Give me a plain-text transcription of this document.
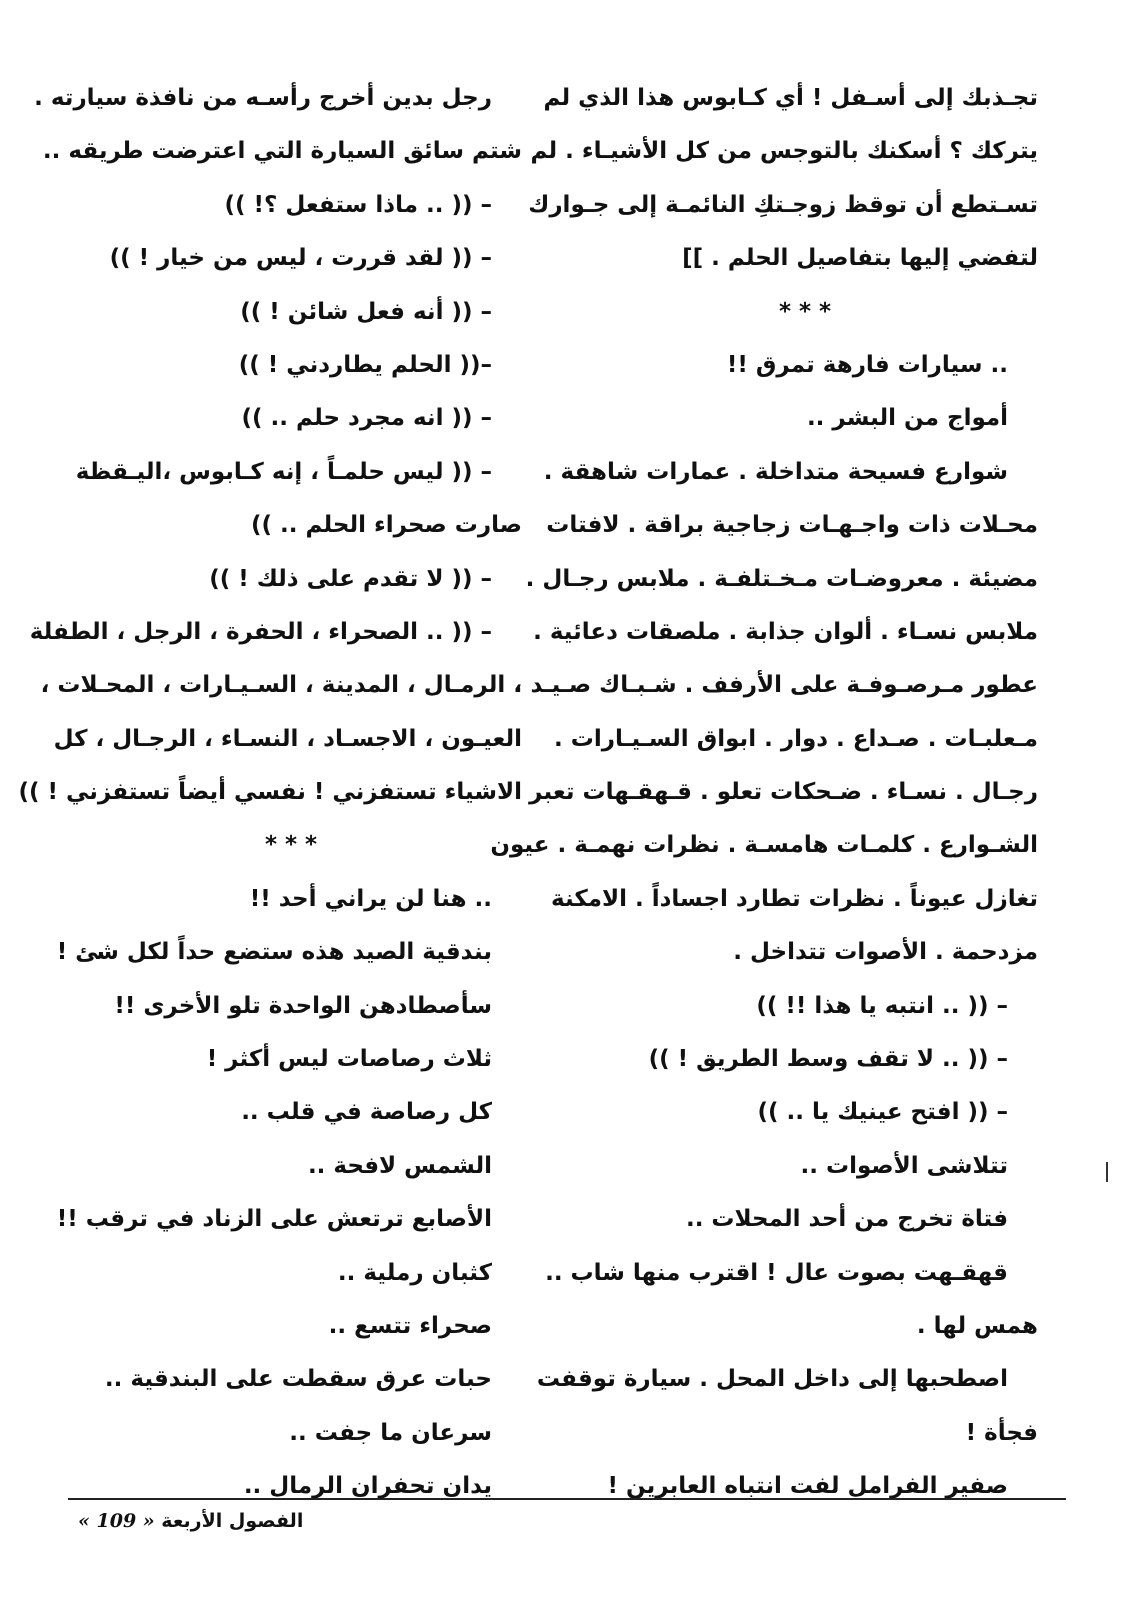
تجـذبك إلى أسـفل ! أي كـابوس هذا الذي لم
يتركك ؟ أسكنك بالتوجس من كل الأشيـاء . لم
تسـتطع أن توقظ زوجـتكِ النائمـة إلى جـوارك
لتفضي إليها بتفاصيل الحلم . ]]
* * *
.. سيارات فارهة تمرق !!
أمواج من البشر ..
شوارع فسيحة متداخلة . عمارات شاهقة .
محـلات ذات واجـهـات زجاجية براقة . لافتات
مضيئة . معروضـات مـخـتلفـة . ملابس رجـال .
ملابس نسـاء . ألوان جذابة . ملصقات دعائية .
عطور مـرصـوفـة على الأرفف . شـبـاك صـيـد .
مـعلبـات . صـداع . دوار . ابواق السـيـارات .
رجـال . نسـاء . ضـحكات تعلو . قـهقـهات تعبر
الشـوارع . كلمـات هامسـة . نظرات نهمـة . عيون
تغازل عيوناً . نظرات تطارد اجساداً . الامكنة
مزدحمة . الأصوات تتداخل .
– (( .. انتبه يا هذا !! ))
– (( .. لا تقف وسط الطريق ! ))
– (( افتح عينيك يا .. ))
تتلاشى الأصوات ..
فتاة تخرج من أحد المحلات ..
قهقـهت بصوت عال ! اقترب منها شاب ..
همس لها .
اصطحبها إلى داخل المحل . سيارة توقفت
فجأة !
صفير الفرامل لفت انتباه العابرين !
رجل بدين أخرج رأسـه من نافذة سيارته .
شتم سائق السيارة التي اعترضت طريقه ..
– (( .. ماذا ستفعل ؟! ))
– (( لقد قررت ، ليس من خيار ! ))
– (( أنه فعل شائن ! ))
–(( الحلم يطاردني ! ))
– (( انه مجرد حلم .. ))
– (( ليس حلمـاً ، إنه كـابوس ،اليـقظة
صارت صحراء الحلم .. ))
– (( لا تقدم على ذلك ! ))
– (( .. الصحراء ، الحفرة ، الرجل ، الطفلة
، الرمـال ، المدينة ، السـيـارات ، المحـلات ،
العيـون ، الاجسـاد ، النسـاء ، الرجـال ، كل
الاشياء تستفزني ! نفسي أيضاً تستفزني ! ))
* * *
.. هنا لن يراني أحد !!
بندقية الصيد هذه ستضع حداً لكل شئ !
سأصطادهن الواحدة تلو الأخرى !!
ثلاث رصاصات ليس أكثر !
كل رصاصة في قلب ..
الشمس لافحة ..
الأصابع ترتعش على الزناد في ترقب !!
كثبان رملية ..
صحراء تتسع ..
حبات عرق سقطت على البندقية ..
سرعان ما جفت ..
يدان تحفران الرمال ..
الفصول الأربعة « 109 »
